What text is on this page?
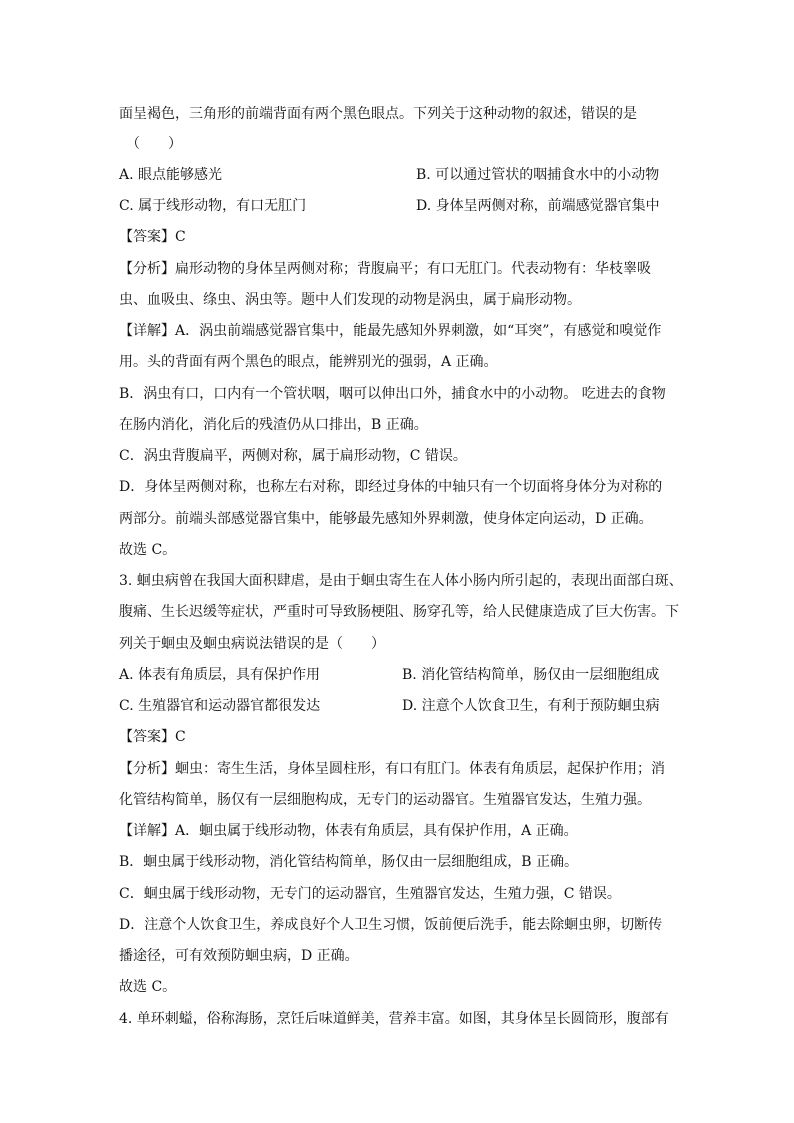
面呈褐色，三角形的前端背面有两个黑色眼点。下列关于这种动物的叙述，错误的是
（　　）
A. 眼点能够感光	B. 可以通过管状的咽捕食水中的小动物
C. 属于线形动物，有口无肛门	D. 身体呈两侧对称，前端感觉器官集中
【答案】C
【分析】扁形动物的身体呈两侧对称；背腹扁平；有口无肛门。代表动物有：华枝睾吸
虫、血吸虫、绦虫、涡虫等。题中人们发现的动物是涡虫，属于扁形动物。
【详解】A．涡虫前端感觉器官集中，能最先感知外界刺激，如“耳突”，有感觉和嗅觉作
用。头的背面有两个黑色的眼点，能辨别光的强弱，A 正确。
B．涡虫有口，口内有一个管状咽，咽可以伸出口外，捕食水中的小动物。 吃进去的食物
在肠内消化，消化后的残渣仍从口排出，B 正确。
C．涡虫背腹扁平，两侧对称，属于扁形动物，C 错误。
D．身体呈两侧对称，也称左右对称，即经过身体的中轴只有一个切面将身体分为对称的
两部分。前端头部感觉器官集中，能够最先感知外界刺激，使身体定向运动，D 正确。
故选 C。
3. 蛔虫病曾在我国大面积肆虐，是由于蛔虫寄生在人体小肠内所引起的，表现出面部白斑、
腹痛、生长迟缓等症状，严重时可导致肠梗阻、肠穿孔等，给人民健康造成了巨大伤害。下
列关于蛔虫及蛔虫病说法错误的是（　　）
A. 体表有角质层，具有保护作用	B. 消化管结构简单，肠仅由一层细胞组成
C. 生殖器官和运动器官都很发达	D. 注意个人饮食卫生，有利于预防蛔虫病
【答案】C
【分析】蛔虫：寄生生活，身体呈圆柱形，有口有肛门。体表有角质层，起保护作用；消
化管结构简单，肠仅有一层细胞构成，无专门的运动器官。生殖器官发达，生殖力强。
【详解】A．蛔虫属于线形动物，体表有角质层，具有保护作用，A 正确。
B．蛔虫属于线形动物，消化管结构简单，肠仅由一层细胞组成，B 正确。
C．蛔虫属于线形动物，无专门的运动器官，生殖器官发达，生殖力强，C 错误。
D．注意个人饮食卫生，养成良好个人卫生习惯，饭前便后洗手，能去除蛔虫卵，切断传
播途径，可有效预防蛔虫病，D 正确。
故选 C。
4. 单环刺螠，俗称海肠，烹饪后味道鲜美，营养丰富。如图，其身体呈长圆筒形，腹部有
